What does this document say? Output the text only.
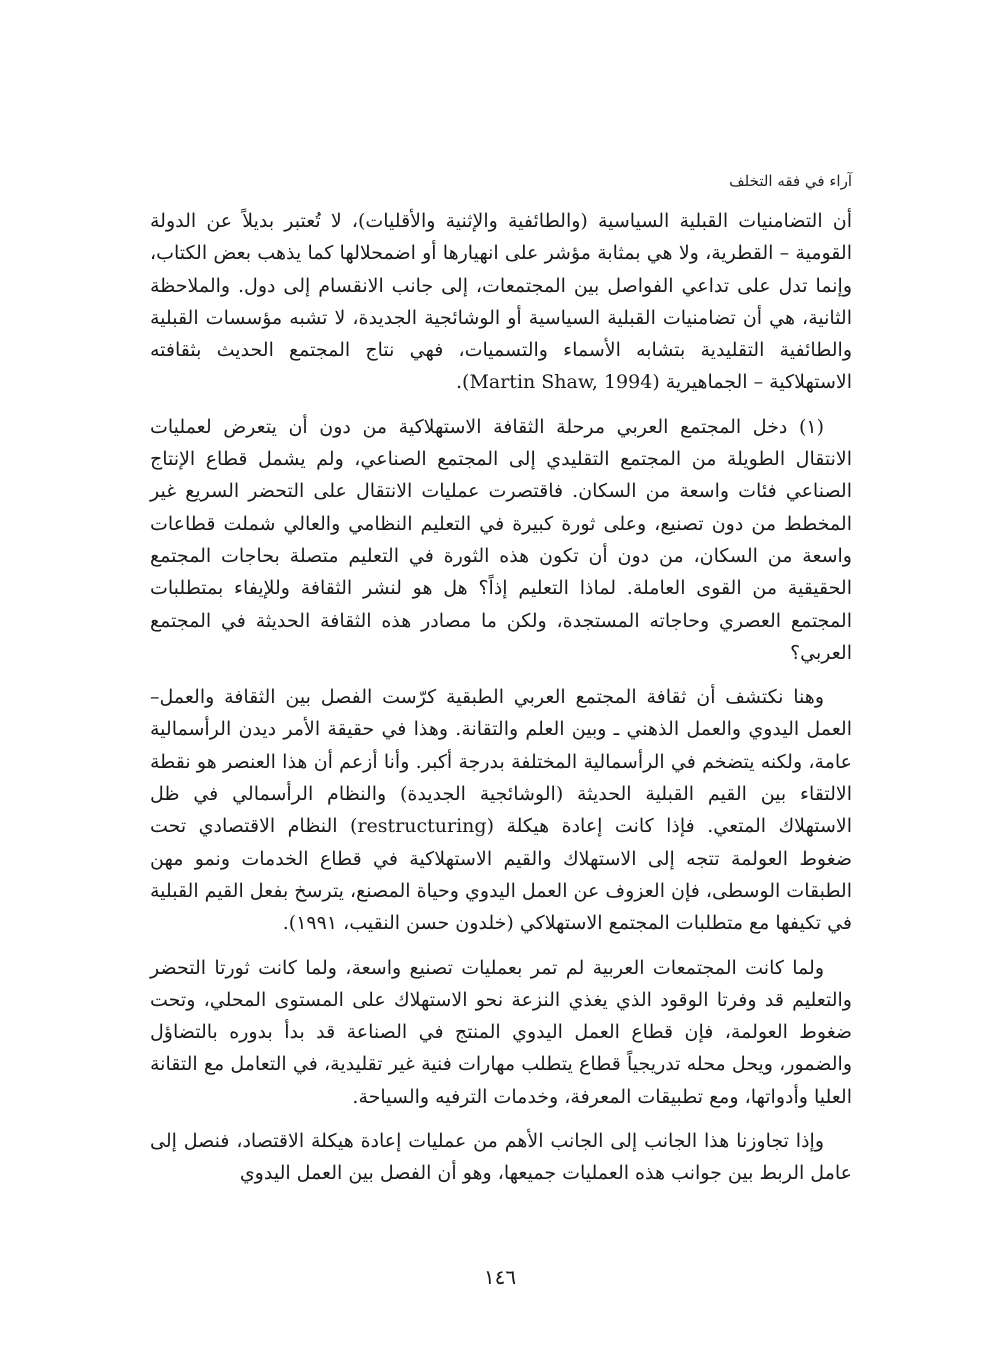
آراء في فقه التخلف

أن التضامنيات القبلية السياسية (والطائفية والإثنية والأقليات)، لا تُعتبر بديلاً عن الدولة القومية – القطرية، ولا هي بمثابة مؤشر على انهيارها أو اضمحلالها كما يذهب بعض الكتاب، وإنما تدل على تداعي الفواصل بين المجتمعات، إلى جانب الانقسام إلى دول. والملاحظة الثانية، هي أن تضامنيات القبلية السياسية أو الوشائجية الجديدة، لا تشبه مؤسسات القبلية والطائفية التقليدية بتشابه الأسماء والتسميات، فهي نتاج المجتمع الحديث بثقافته الاستهلاكية – الجماهيرية (Martin Shaw, 1994).

(١) دخل المجتمع العربي مرحلة الثقافة الاستهلاكية من دون أن يتعرض لعمليات الانتقال الطويلة من المجتمع التقليدي إلى المجتمع الصناعي، ولم يشمل قطاع الإنتاج الصناعي فئات واسعة من السكان. فاقتصرت عمليات الانتقال على التحضر السريع غير المخطط من دون تصنيع، وعلى ثورة كبيرة في التعليم النظامي والعالي شملت قطاعات واسعة من السكان، من دون أن تكون هذه الثورة في التعليم متصلة بحاجات المجتمع الحقيقية من القوى العاملة. لماذا التعليم إذاً؟ هل هو لنشر الثقافة وللإيفاء بمتطلبات المجتمع العصري وحاجاته المستجدة، ولكن ما مصادر هذه الثقافة الحديثة في المجتمع العربي؟

وهنا نكتشف أن ثقافة المجتمع العربي الطبقية كرّست الفصل بين الثقافة والعمل–العمل اليدوي والعمل الذهني ـ وبين العلم والتقانة. وهذا في حقيقة الأمر ديدن الرأسمالية عامة، ولكنه يتضخم في الرأسمالية المختلفة بدرجة أكبر. وأنا أزعم أن هذا العنصر هو نقطة الالتقاء بين القيم القبلية الحديثة (الوشائجية الجديدة) والنظام الرأسمالي في ظل الاستهلاك المتعي. فإذا كانت إعادة هيكلة (restructuring) النظام الاقتصادي تحت ضغوط العولمة تتجه إلى الاستهلاك والقيم الاستهلاكية في قطاع الخدمات ونمو مهن الطبقات الوسطى، فإن العزوف عن العمل اليدوي وحياة المصنع، يترسخ بفعل القيم القبلية في تكيفها مع متطلبات المجتمع الاستهلاكي (خلدون حسن النقيب، ١٩٩١).

ولما كانت المجتمعات العربية لم تمر بعمليات تصنيع واسعة، ولما كانت ثورتا التحضر والتعليم قد وفرتا الوقود الذي يغذي النزعة نحو الاستهلاك على المستوى المحلي، وتحت ضغوط العولمة، فإن قطاع العمل اليدوي المنتج في الصناعة قد بدأ بدوره بالتضاؤل والضمور، ويحل محله تدريجياً قطاع يتطلب مهارات فنية غير تقليدية، في التعامل مع التقانة العليا وأدواتها، ومع تطبيقات المعرفة، وخدمات الترفيه والسياحة.

وإذا تجاوزنا هذا الجانب إلى الجانب الأهم من عمليات إعادة هيكلة الاقتصاد، فنصل إلى عامل الربط بين جوانب هذه العمليات جميعها، وهو أن الفصل بين العمل اليدوي

١٤٦
